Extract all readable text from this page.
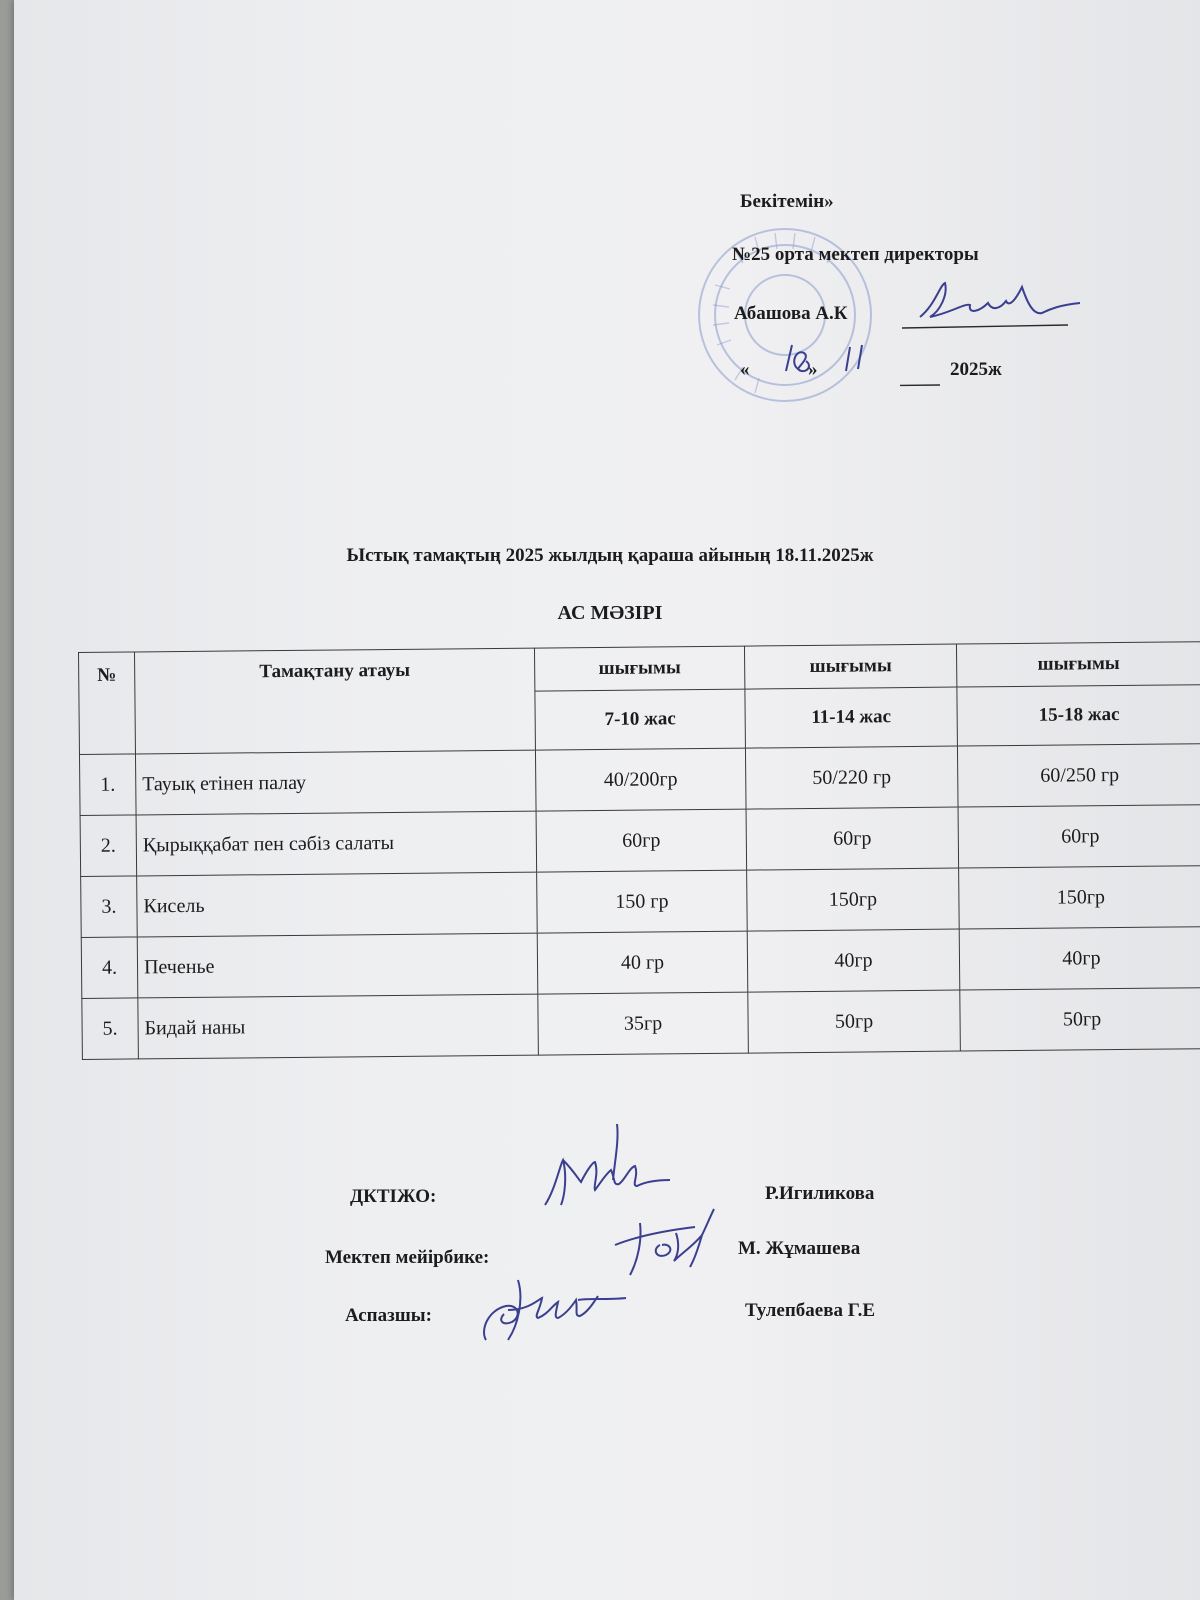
Бекітемін»
№25 орта мектеп директоры
Абашова А.К
«	»	2025ж
Ыстық тамақтың 2025 жылдың қараша айының 18.11.2025ж
АС МӘЗІРІ
№	Тамақтану атауы	шығымы	шығымы	шығымы
		7-10 жас	11-14 жас	15-18 жас
1.	Тауық етінен палау	40/200гр	50/220 гр	60/250 гр
2.	Қырыққабат пен сәбіз салаты	60гр	60гр	60гр
3.	Кисель	150 гр	150гр	150гр
4.	Печенье	40 гр	40гр	40гр
5.	Бидай наны	35гр	50гр	50гр
ДКТІЖО:	Р.Игиликова
Мектеп мейірбике:	М. Жұмашева
Аспазшы:	Тулепбаева Г.Е
